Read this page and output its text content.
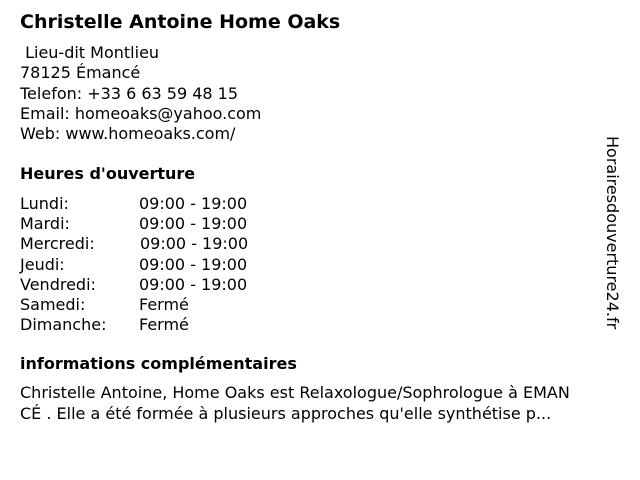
Christelle Antoine Home Oaks
Lieu-dit Montlieu
78125 Émancé
Telefon: +33 6 63 59 48 15
Email: homeoaks@yahoo.com
Web: www.homeoaks.com/
Heures d'ouverture
Lundi:	09:00 - 19:00
Mardi:	09:00 - 19:00
Mercredi:	09:00 - 19:00
Jeudi:	09:00 - 19:00
Vendredi:	09:00 - 19:00
Samedi:	Fermé
Dimanche: Fermé
informations complémentaires
Christelle Antoine, Home Oaks est Relaxologue/Sophrologue à EMAN
CÉ . Elle a été formée à plusieurs approches qu'elle synthétise p...
Horairesdouverture24.fr
